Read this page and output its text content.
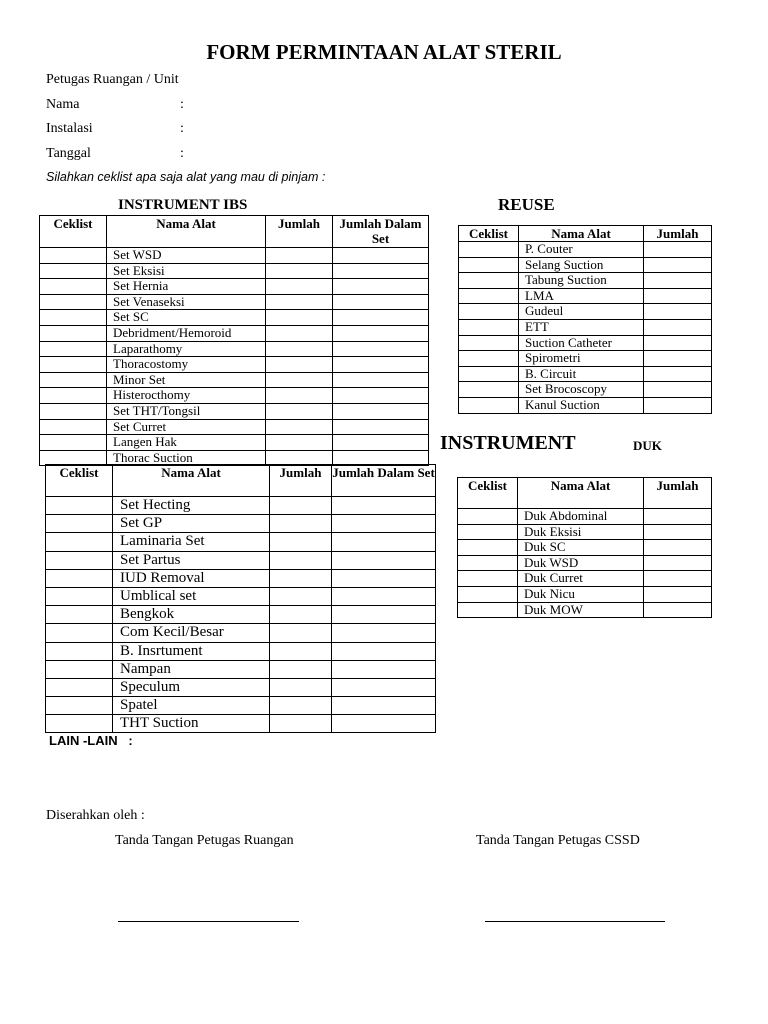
FORM PERMINTAAN ALAT STERIL
Petugas Ruangan / Unit
Nama	:
Instalasi	:
Tanggal	:
Silahkan ceklist apa saja alat yang mau di pinjam :
INSTRUMENT IBS	REUSE
Ceklist	Nama Alat	Jumlah	Jumlah Dalam Set
	Set WSD		
	Set Eksisi		
	Set Hernia		
	Set Venaseksi		
	Set SC		
	Debridment/Hemoroid		
	Laparathomy		
	Thoracostomy		
	Minor Set		
	Histerocthomy		
	Set THT/Tongsil		
	Set Curret		
	Langen Hak		
	Thorac Suction		
Ceklist	Nama Alat	Jumlah	Jumlah Dalam Set
	Set Hecting		
	Set GP		
	Laminaria Set		
	Set Partus		
	IUD Removal		
	Umblical set		
	Bengkok		
	Com Kecil/Besar		
	B. Insrtument		
	Nampan		
	Speculum		
	Spatel		
	THT Suction		
Ceklist	Nama Alat	Jumlah
	P. Couter	
	Selang Suction	
	Tabung Suction	
	LMA	
	Gudeul	
	ETT	
	Suction Catheter	
	Spirometri	
	B. Circuit	
	Set Brocoscopy	
	Kanul Suction	
INSTRUMENT	DUK
Ceklist	Nama Alat	Jumlah
	Duk Abdominal	
	Duk Eksisi	
	Duk SC	
	Duk WSD	
	Duk Curret	
	Duk Nicu	
	Duk MOW	
LAIN -LAIN   :
Diserahkan oleh :
Tanda Tangan Petugas Ruangan	Tanda Tangan Petugas CSSD
